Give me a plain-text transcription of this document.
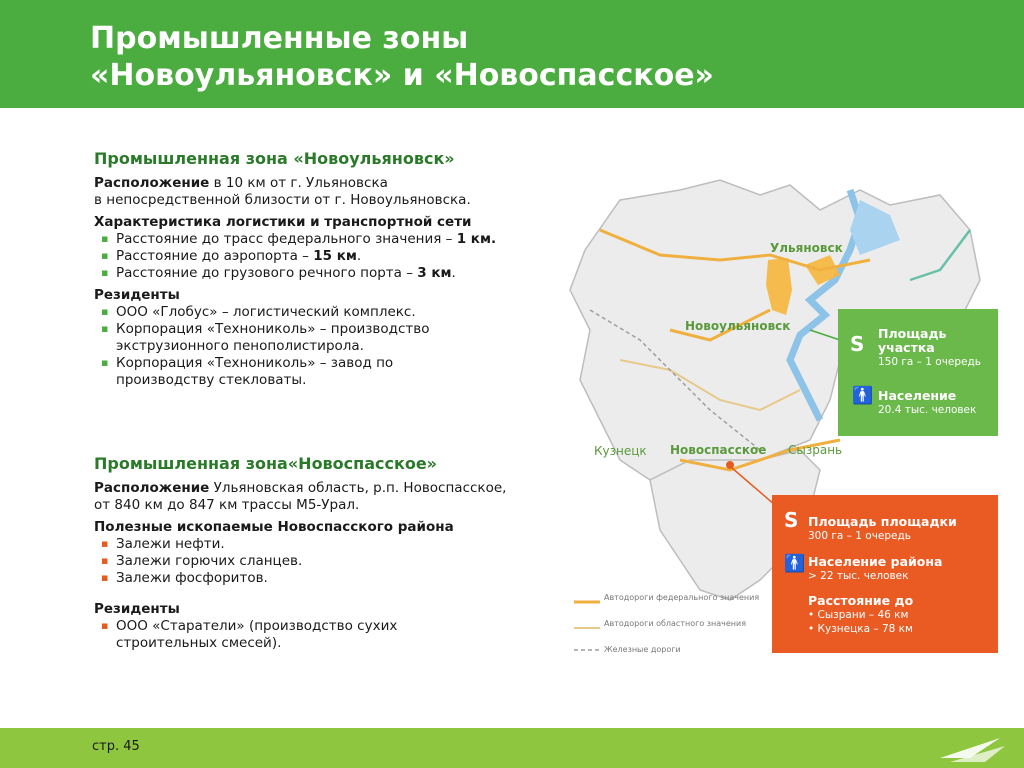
Промышленные зоны
«Новоульяновск» и «Новоспасское»
Промышленная зона «Новоульяновск»
Расположение в 10 км от г. Ульяновска
в непосредственной близости от г. Новоульяновска.
Характеристика логистики и транспортной сети
▪ Расстояние до трасс федерального значения – 1 км.
▪ Расстояние до аэропорта – 15 км.
▪ Расстояние до грузового речного порта – 3 км.
Резиденты
▪ ООО «Глобус» – логистический комплекс.
▪ Корпорация «Технониколь» – производство экструзионного пенополистирола.
▪ Корпорация «Технониколь» – завод по производству стекловаты.
Промышленная зона«Новоспасское»
Расположение Ульяновская область, р.п. Новоспасское,
от 840 км до 847 км трассы М5-Урал.
Полезные ископаемые Новоспасского района
▪ Залежи нефти.
▪ Залежи горючих сланцев.
▪ Залежи фосфоритов.
Резиденты
▪ ООО «Старатели» (производство сухих строительных смесей).
Ульяновск
Новоульяновск
Кузнецк Новоспасское Сызрань
Автодороги федерального значения
Автодороги областного значения
Железные дороги
S Площадь участка
150 га – 1 очередь
🚹 Население
20.4 тыс. человек
S Площадь площадки
300 га – 1 очередь
🚹 Население района
> 22 тыс. человек
Расстояние до
• Сызрани – 46 км
• Кузнецка – 78 км
стр. 45
